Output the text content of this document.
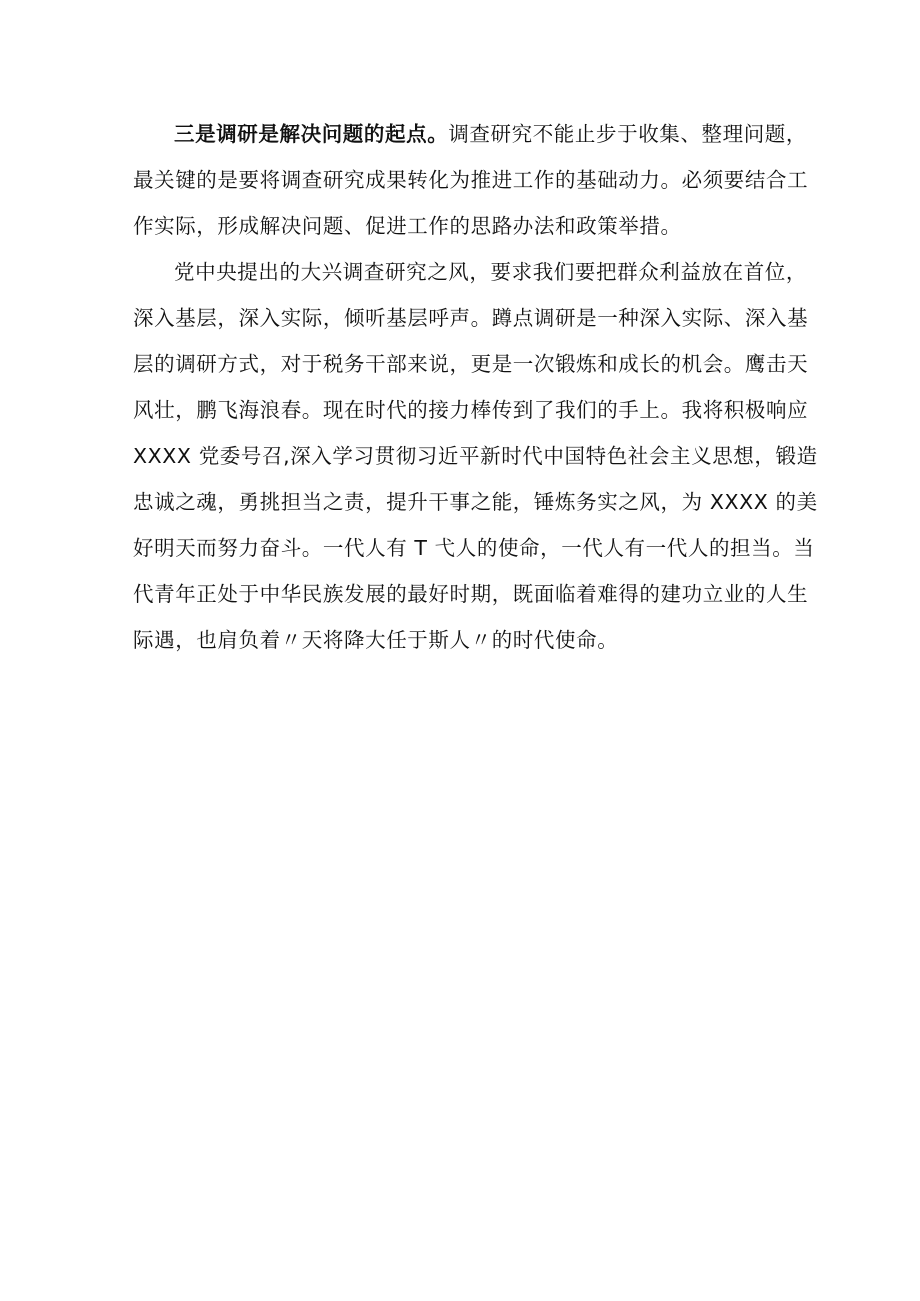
三是调研是解决问题的起点。调查研究不能止步于收集、整理问题，
最关键的是要将调查研究成果转化为推进工作的基础动力。必须要结合工
作实际，形成解决问题、促进工作的思路办法和政策举措。
党中央提出的大兴调查研究之风，要求我们要把群众利益放在首位，
深入基层，深入实际，倾听基层呼声。蹲点调研是一种深入实际、深入基
层的调研方式，对于税务干部来说，更是一次锻炼和成长的机会。鹰击天
风壮，鹏飞海浪春。现在时代的接力棒传到了我们的手上。我将积极响应
XXXX 党委号召,深入学习贯彻习近平新时代中国特色社会主义思想，锻造
忠诚之魂，勇挑担当之责，提升干事之能，锤炼务实之风，为 XXXX 的美
好明天而努力奋斗。一代人有 T 弋人的使命，一代人有一代人的担当。当
代青年正处于中华民族发展的最好时期，既面临着难得的建功立业的人生
际遇，也肩负着〃天将降大任于斯人〃的时代使命。
